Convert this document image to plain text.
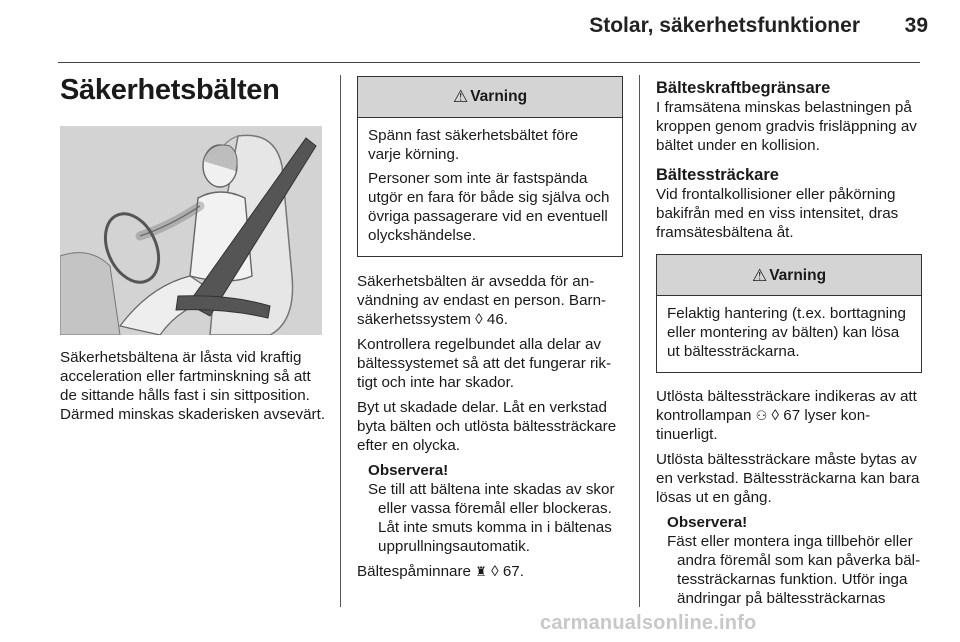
Stolar, säkerhetsfunktioner	39
Säkerhetsbälten
Säkerhetsbältena är låsta vid kraftig acceleration eller fartminskning så att de sittande hålls fast i sin sittposition. Därmed minskas skaderisken avsevärt.
⚠ Varning

Spänn fast säkerhetsbältet före varje körning.

Personer som inte är fastspända utgör en fara för både sig själva och övriga passagerare vid en eventuell olyckshändelse.

Säkerhetsbälten är avsedda för användning av endast en person. Barnsäkerhetssystem ◊ 46.

Kontrollera regelbundet alla delar av bältessystemet så att det fungerar riktigt och inte har skador.

Byt ut skadade delar. Låt en verkstad byta bälten och utlösta bältessträckare efter en olycka.

Observera!
Se till att bältena inte skadas av skor
eller vassa föremål eller blockeras. Låt inte smuts komma in i bältenas upprullningsautomatik.

Bältespåminnare ♜ ◊ 67.

Bälteskraftbegränsare

I framsätena minskas belastningen på kroppen genom gradvis frisläppning av bältet under en kollision.

Bältessträckare

Vid frontalkollisioner eller påkörning bakifrån med en viss intensitet, dras framsätesbältena åt.

⚠ Varning

Felaktig hantering (t.ex. borttagning eller montering av bälten) kan lösa ut bältessträckarna.

Utlösta bältessträckare indikeras av att kontrollampan ⚇ ◊ 67 lyser kontinuerligt.

Utlösta bältessträckare måste bytas av en verkstad. Bältessträckarna kan bara lösas ut en gång.

Observera!
Fäst eller montera inga tillbehör eller
andra föremål som kan påverka bältessträckarnas funktion. Utför inga ändringar på bältessträckarnas
carmanualsonline.info
